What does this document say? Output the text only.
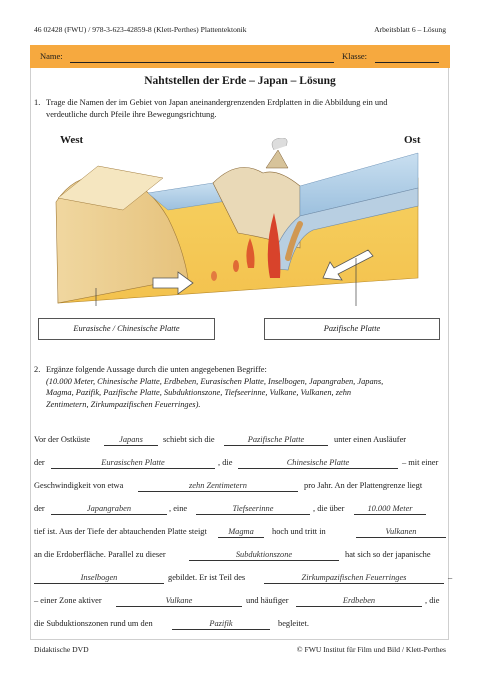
46 02428 (FWU) / 978-3-623-42859-8 (Klett-Perthes) Plattentektonik	Arbeitsblatt 6 – Lösung
Name:	Klasse:
Nahtstellen der Erde – Japan – Lösung
1. Trage die Namen der im Gebiet von Japan aneinandergrenzenden Erdplatten in die Abbildung ein und
verdeutliche durch Pfeile ihre Bewegungsrichtung.
West	Ost
Eurasische / Chinesische Platte	Pazifische Platte
2. Ergänze folgende Aussage durch die unten angegebenen Begriffe:
(10.000 Meter, Chinesische Platte, Erdbeben, Eurasischen Platte, Inselbogen, Japangraben, Japans,
Magma, Pazifik, Pazifische Platte, Subduktionszone, Tiefseerinne, Vulkane, Vulkanen, zehn
Zentimetern, Zirkumpazifischen Feuerringes).
Vor der Ostküste	Japans	schiebt sich die	Pazifische Platte	unter einen Ausläufer
der	Eurasischen Platte	, die	Chinesische Platte	– mit einer
Geschwindigkeit von etwa	zehn Zentimetern	pro Jahr. An der Plattengrenze liegt
der	Japangraben	, eine	Tiefseerinne	, die über	10.000 Meter
tief ist. Aus der Tiefe der abtauchenden Platte steigt	Magma	hoch und tritt in	Vulkanen
an die Erdoberfläche. Parallel zu dieser	Subduktionszone	hat sich so der japanische
Inselbogen	gebildet. Er ist Teil des	Zirkumpazifischen Feuerringes	–
– einer Zone aktiver	Vulkane	und häufiger	Erdbeben	, die
die Subduktionszonen rund um den	Pazifik	begleitet.
Didaktische DVD	© FWU Institut für Film und Bild / Klett-Perthes
